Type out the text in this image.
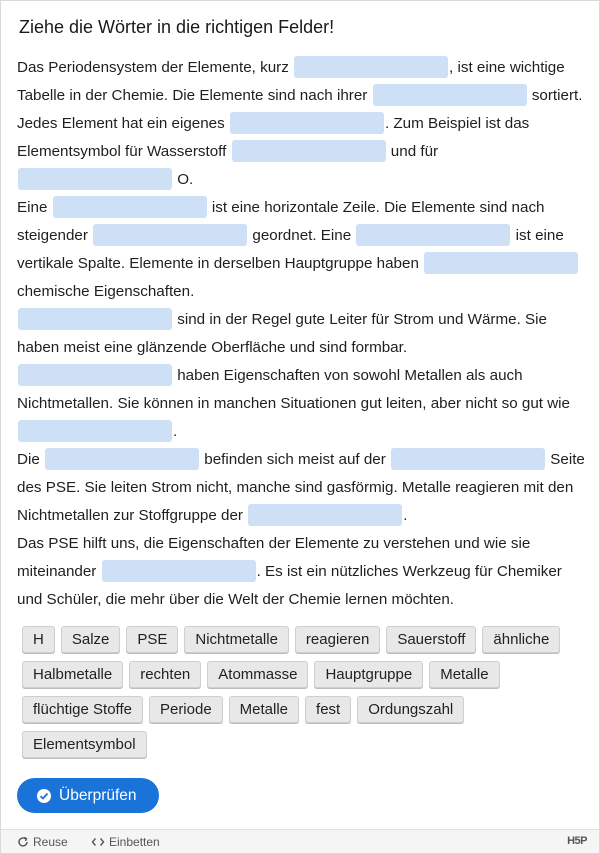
Ziehe die Wörter in die richtigen Felder!
Das Periodensystem der Elemente, kurz	, ist eine wichtige Tabelle in der Chemie. Die Elemente sind nach ihrer	sortiert. Jedes Element hat ein eigenes	. Zum Beispiel ist das Elementsymbol für Wasserstoff	und für  O.
Eine	ist eine horizontale Zeile. Die Elemente sind nach steigender	geordnet. Eine	ist eine vertikale Spalte. Elemente in derselben Hauptgruppe haben  chemische Eigenschaften.
sind in der Regel gute Leiter für Strom und Wärme. Sie haben meist eine glänzende Oberfläche und sind formbar.
haben Eigenschaften von sowohl Metallen als auch Nichtmetallen. Sie können in manchen Situationen gut leiten, aber nicht so gut wie .
Die	befinden sich meist auf der	Seite des PSE. Sie leiten Strom nicht, manche sind gasförmig. Metalle reagieren mit den Nichtmetallen zur Stoffgruppe der	.
Das PSE hilft uns, die Eigenschaften der Elemente zu verstehen und wie sie miteinander	. Es ist ein nützliches Werkzeug für Chemiker und Schüler, die mehr über die Welt der Chemie lernen möchten.
H Salze PSE Nichtmetalle reagieren Sauerstoff ähnlicheHalbmetalle rechten Atommasse Hauptgruppe Metalleflüchtige Stoffe Periode Metalle fest OrdungszahlElementsymbol
Überprüfen
Reuse	Einbetten	H5P
